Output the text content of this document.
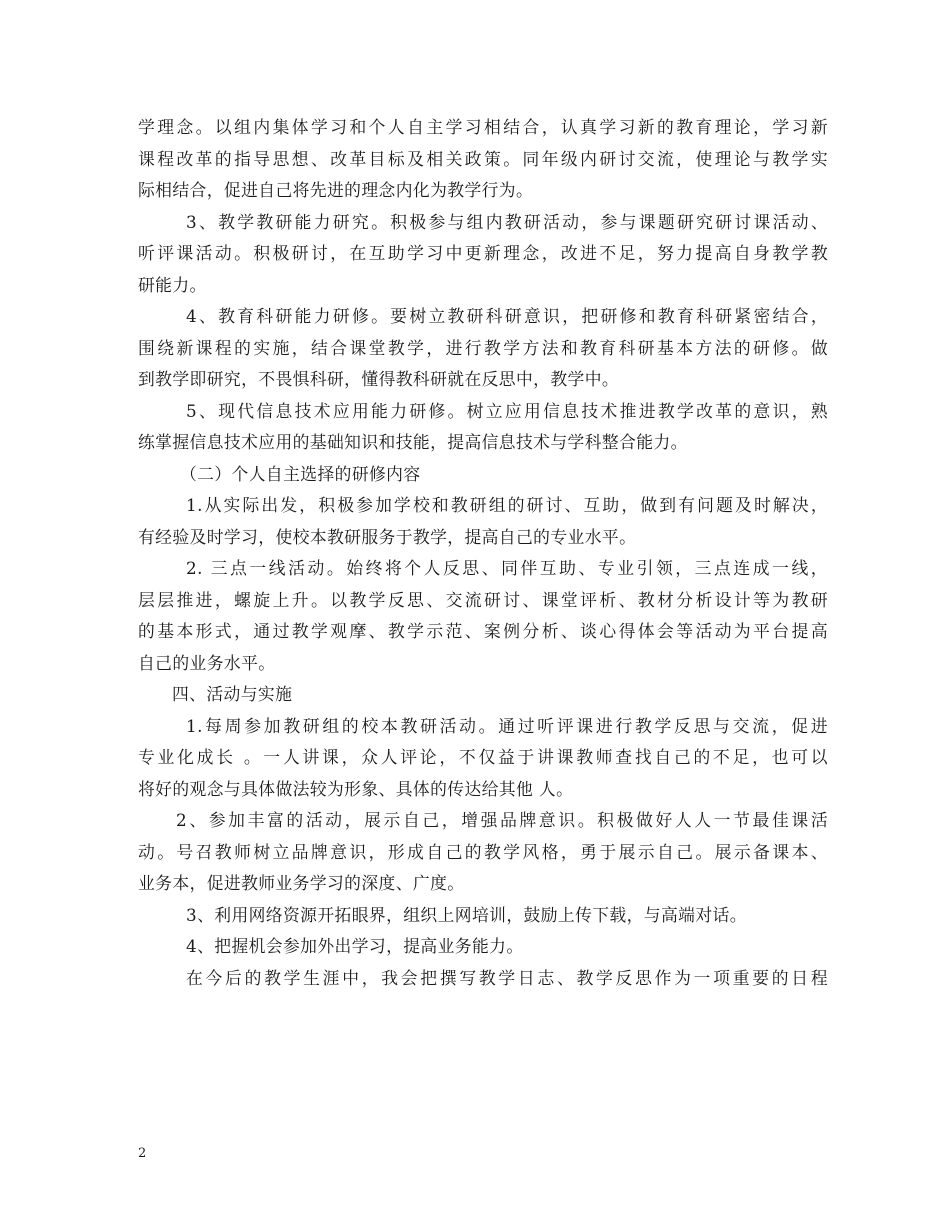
学理念。以组内集体学习和个人自主学习相结合，认真学习新的教育理论，学习新
课程改革的指导思想、改革目标及相关政策。同年级内研讨交流，使理论与教学实
际相结合，促进自己将先进的理念内化为教学行为。
3、教学教研能力研究。积极参与组内教研活动，参与课题研究研讨课活动、
听评课活动。积极研讨，在互助学习中更新理念，改进不足，努力提高自身教学教
研能力。
4、教育科研能力研修。要树立教研科研意识，把研修和教育科研紧密结合，
围绕新课程的实施，结合课堂教学，进行教学方法和教育科研基本方法的研修。做
到教学即研究，不畏惧科研，懂得教科研就在反思中，教学中。
5、现代信息技术应用能力研修。树立应用信息技术推进教学改革的意识，熟
练掌握信息技术应用的基础知识和技能，提高信息技术与学科整合能力。
（二）个人自主选择的研修内容
1.从实际出发，积极参加学校和教研组的研讨、互助，做到有问题及时解决，
有经验及时学习，使校本教研服务于教学，提高自己的专业水平。
2. 三点一线活动。始终将个人反思、同伴互助、专业引领，三点连成一线，
层层推进，螺旋上升。以教学反思、交流研讨、课堂评析、教材分析设计等为教研
的基本形式，通过教学观摩、教学示范、案例分析、谈心得体会等活动为平台提高
自己的业务水平。
四、活动与实施
1.每周参加教研组的校本教研活动。通过听评课进行教学反思与交流，促进
专业化成长 。一人讲课，众人评论，不仅益于讲课教师查找自己的不足，也可以
将好的观念与具体做法较为形象、具体的传达给其他 人。
2、参加丰富的活动，展示自己，增强品牌意识。积极做好人人一节最佳课活
动。号召教师树立品牌意识，形成自己的教学风格，勇于展示自己。展示备课本、
业务本，促进教师业务学习的深度、广度。
3、利用网络资源开拓眼界，组织上网培训，鼓励上传下载，与高端对话。
4、把握机会参加外出学习，提高业务能力。
在今后的教学生涯中，我会把撰写教学日志、教学反思作为一项重要的日程
2
